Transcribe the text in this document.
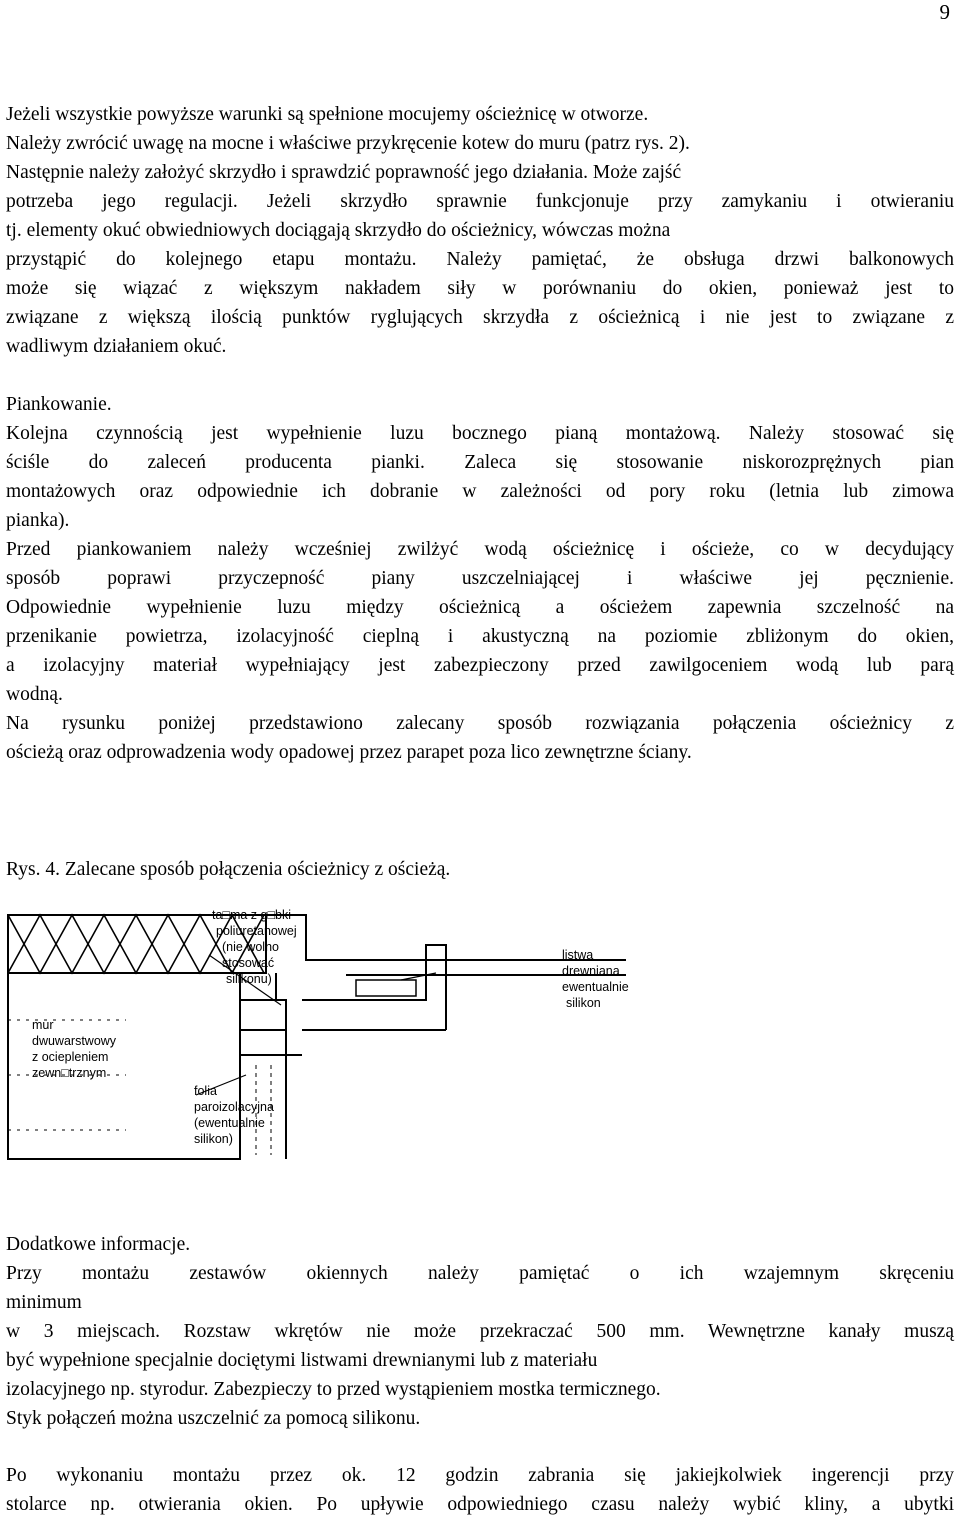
9
Jeżeli wszystkie powyższe warunki są spełnione mocujemy ościeżnicę w otworze.
Należy zwrócić uwagę na mocne i właściwe przykręcenie kotew do muru (patrz rys. 2).
Następnie należy założyć skrzydło i sprawdzić poprawność jego działania. Może zajść
potrzeba jego regulacji. Jeżeli skrzydło sprawnie funkcjonuje przy zamykaniu i otwieraniu
tj. elementy okuć obwiedniowych dociągają skrzydło do ościeżnicy, wówczas można
przystąpić do kolejnego etapu montażu. Należy pamiętać, że obsługa drzwi balkonowych
może się wiązać z większym nakładem siły w porównaniu do okien, ponieważ jest to
związane z większą ilością punktów ryglujących skrzydła z ościeżnicą i nie jest to związane z
wadliwym działaniem okuć.
Piankowanie.
Kolejna czynnością jest wypełnienie luzu bocznego pianą montażową. Należy stosować się
ściśle do zaleceń producenta pianki. Zaleca się stosowanie niskorozprężnych pian
montażowych oraz odpowiednie ich dobranie w zależności od pory roku (letnia lub zimowa
pianka).
Przed piankowaniem należy wcześniej zwilżyć wodą ościeżnicę i ościeże, co w decydujący
sposób poprawi przyczepność piany uszczelniającej i właściwe jej pęcznienie.
Odpowiednie wypełnienie luzu między ościeżnicą a ościeżem zapewnia szczelność na
przenikanie powietrza, izolacyjność cieplną i akustyczną na poziomie zbliżonym do okien,
a izolacyjny materiał wypełniający jest zabezpieczony przed zawilgoceniem wodą lub parą
wodną.
Na rysunku poniżej przedstawiono zalecany sposób rozwiązania połączenia ościeżnicy z
ościeżą oraz odprowadzenia wody opadowej przez parapet poza lico zewnętrzne ściany.
Rys. 4. Zalecane sposób połączenia ościeżnicy z ościeżą.
ta□ma z g□bki
poliuretanowej
(nie wolno
stosować
silikonu)
mur
dwuwarstwowy
z ociepleniem
zewn□trznym
folia
paroizolacyjna
(ewentualnie
silikon)
listwa
drewniana
ewentualnie
silikon
Dodatkowe informacje.
Przy montażu zestawów okiennych należy pamiętać o ich wzajemnym skręceniu
minimum
w 3 miejscach. Rozstaw wkrętów nie może przekraczać 500 mm. Wewnętrzne kanały muszą
być wypełnione specjalnie dociętymi listwami drewnianymi lub z materiału
izolacyjnego np. styrodur. Zabezpieczy to przed wystąpieniem mostka termicznego.
Styk połączeń można uszczelnić za pomocą silikonu.
Po wykonaniu montażu przez ok. 12 godzin zabrania się jakiejkolwiek ingerencji przy
stolarce np. otwierania okien. Po upływie odpowiedniego czasu należy wybić kliny, a ubytki
